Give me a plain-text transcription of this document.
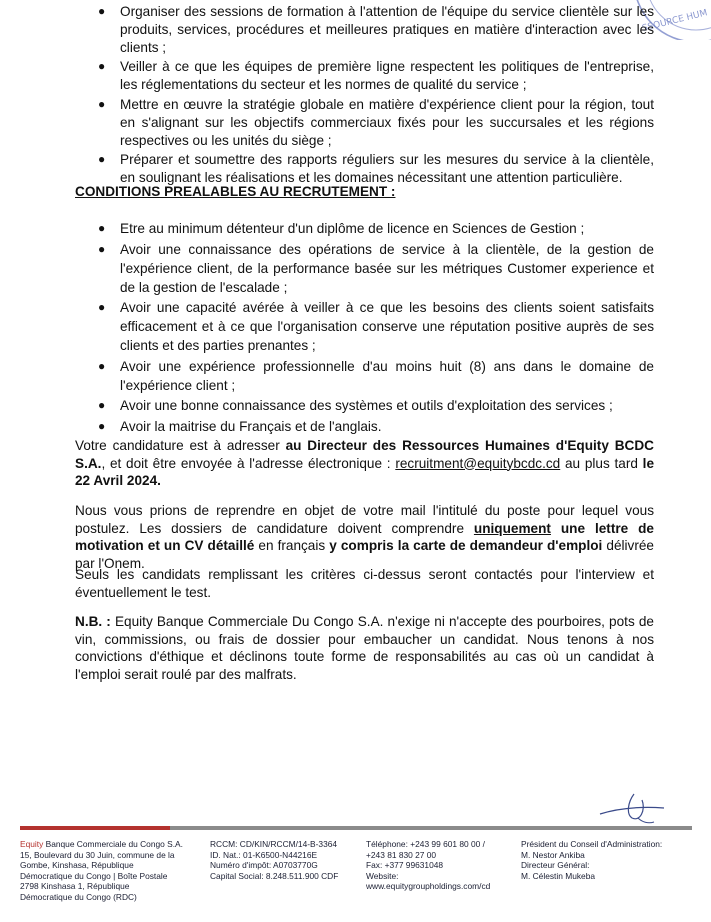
SSOURCE HUM
● Organiser des sessions de formation à l'attention de l'équipe du service clientèle sur les produits, services, procédures et meilleures pratiques en matière d'interaction avec les clients ;
● Veiller à ce que les équipes de première ligne respectent les politiques de l'entreprise, les réglementations du secteur et les normes de qualité du service ;
● Mettre en œuvre la stratégie globale en matière d'expérience client pour la région, tout en s'alignant sur les objectifs commerciaux fixés pour les succursales et les régions respectives ou les unités du siège ;
● Préparer et soumettre des rapports réguliers sur les mesures du service à la clientèle, en soulignant les réalisations et les domaines nécessitant une attention particulière.
CONDITIONS PREALABLES AU RECRUTEMENT :
● Etre au minimum détenteur d'un diplôme de licence en Sciences de Gestion ;
● Avoir une connaissance des opérations de service à la clientèle, de la gestion de l'expérience client, de la performance basée sur les métriques Customer experience et de la gestion de l'escalade ;
● Avoir une capacité avérée à veiller à ce que les besoins des clients soient satisfaits efficacement et à ce que l'organisation conserve une réputation positive auprès de ses clients et des parties prenantes ;
● Avoir une expérience professionnelle d'au moins huit (8) ans dans le domaine de l'expérience client ;
● Avoir une bonne connaissance des systèmes et outils d'exploitation des services ;
● Avoir la maitrise du Français et de l'anglais.

Votre candidature est à adresser au Directeur des Ressources Humaines d'Equity BCDC S.A., et doit être envoyée à l'adresse électronique : recruitment@equitybcdc.cd au plus tard le 22 Avril 2024.

Nous vous prions de reprendre en objet de votre mail l'intitulé du poste pour lequel vous postulez. Les dossiers de candidature doivent comprendre uniquement une lettre de motivation et un CV détaillé en français y compris la carte de demandeur d'emploi délivrée par l'Onem.

Seuls les candidats remplissant les critères ci-dessus seront contactés pour l'interview et éventuellement le test.

N.B. : Equity Banque Commerciale Du Congo S.A. n'exige ni n'accepte des pourboires, pots de vin, commissions, ou frais de dossier pour embaucher un candidat. Nous tenons à nos convictions d'éthique et déclinons toute forme de responsabilités au cas où un candidat à l'emploi serait roulé par des malfrats.

Equity Banque Commerciale du Congo S.A.
15, Boulevard du 30 Juin, commune de la
Gombe, Kinshasa, République
Démocratique du Congo | Boîte Postale
2798 Kinshasa 1, République
Démocratique du Congo (RDC)
RCCM: CD/KIN/RCCM/14-B-3364
ID. Nat.: 01-K6500-N44216E
Numéro d'impôt: A0703770G
Capital Social: 8.248.511.900 CDF
Téléphone: +243 99 601 80 00 /
+243 81 830 27 00
Fax: +377 99631048
Website:
www.equitygroupholdings.com/cd
Président du Conseil d'Administration:
M. Nestor Ankiba
Directeur Général:
M. Célestin Mukeba
